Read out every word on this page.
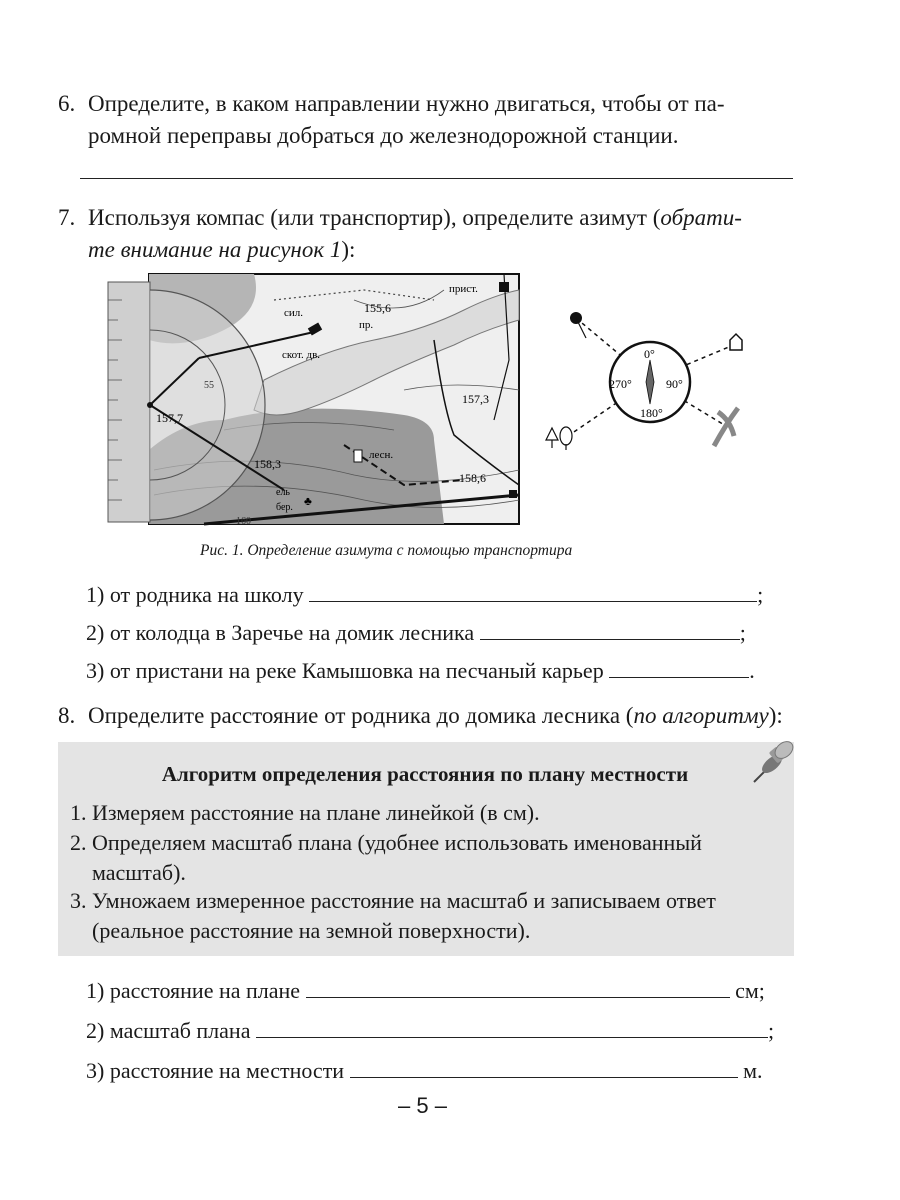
6. Определите, в каком направлении нужно двигаться, чтобы от па-
ромной переправы добраться до железнодорожной станции.
7. Используя компас (или транспортир), определите азимут (обрати-
те внимание на рисунок 1):
прист.
155,6
сил.
пр.
скот. дв.
157,7
157,3
158,3
лесн.
158,6
ель
бер.
160
55
♣
0°
90°
180°
270°
Рис. 1. Определение азимута с помощью транспортира
1) от родника на школу	;
2) от колодца в Заречье на домик лесника	;
3) от пристани на реке Камышовка на песчаный карьер	.
8. Определите расстояние от родника до домика лесника (по алгоритму):
Алгоритм определения расстояния по плану местности
1. Измеряем расстояние на плане линейкой (в см).
2. Определяем масштаб плана (удобнее использовать именованный
масштаб).
3. Умножаем измеренное расстояние на масштаб и записываем ответ
(реальное расстояние на земной поверхности).
1) расстояние на плане	см;
2) масштаб плана	;
3) расстояние на местности	м.
– 5 –
